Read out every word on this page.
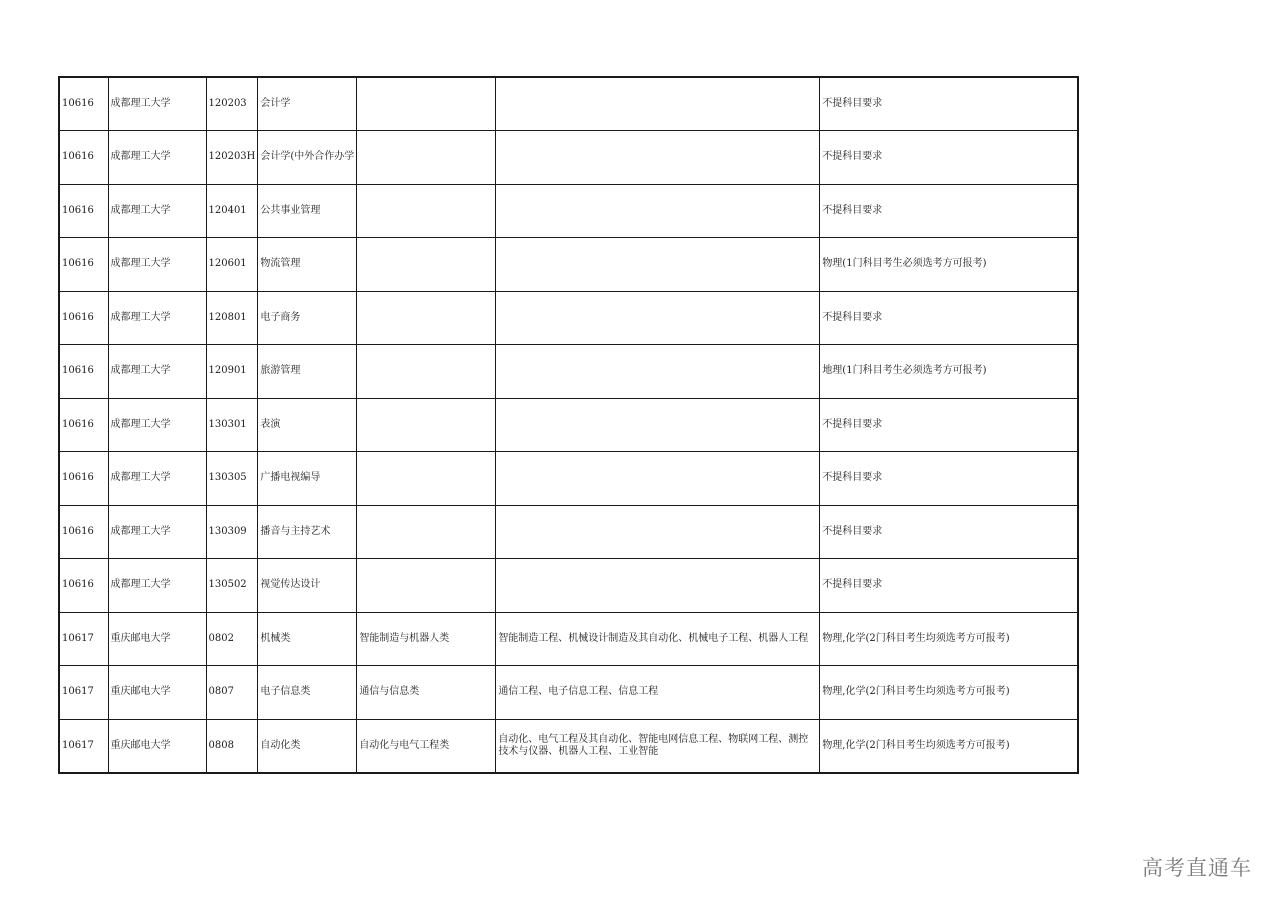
10616	成都理工大学	120203	会计学			不提科目要求
10616	成都理工大学	120203H	会计学(中外合作办学			不提科目要求
10616	成都理工大学	120401	公共事业管理			不提科目要求
10616	成都理工大学	120601	物流管理			物理(1门科目考生必须选考方可报考)
10616	成都理工大学	120801	电子商务			不提科目要求
10616	成都理工大学	120901	旅游管理			地理(1门科目考生必须选考方可报考)
10616	成都理工大学	130301	表演			不提科目要求
10616	成都理工大学	130305	广播电视编导			不提科目要求
10616	成都理工大学	130309	播音与主持艺术			不提科目要求
10616	成都理工大学	130502	视觉传达设计			不提科目要求
10617	重庆邮电大学	0802	机械类	智能制造与机器人类	智能制造工程、机械设计制造及其自动化、机械电子工程、机器人工程	物理,化学(2门科目考生均须选考方可报考)
10617	重庆邮电大学	0807	电子信息类	通信与信息类	通信工程、电子信息工程、信息工程	物理,化学(2门科目考生均须选考方可报考)
10617	重庆邮电大学	0808	自动化类	自动化与电气工程类	自动化、电气工程及其自动化、智能电网信息工程、物联网工程、测控技术与仪器、机器人工程、工业智能	物理,化学(2门科目考生均须选考方可报考)
高考直通车
